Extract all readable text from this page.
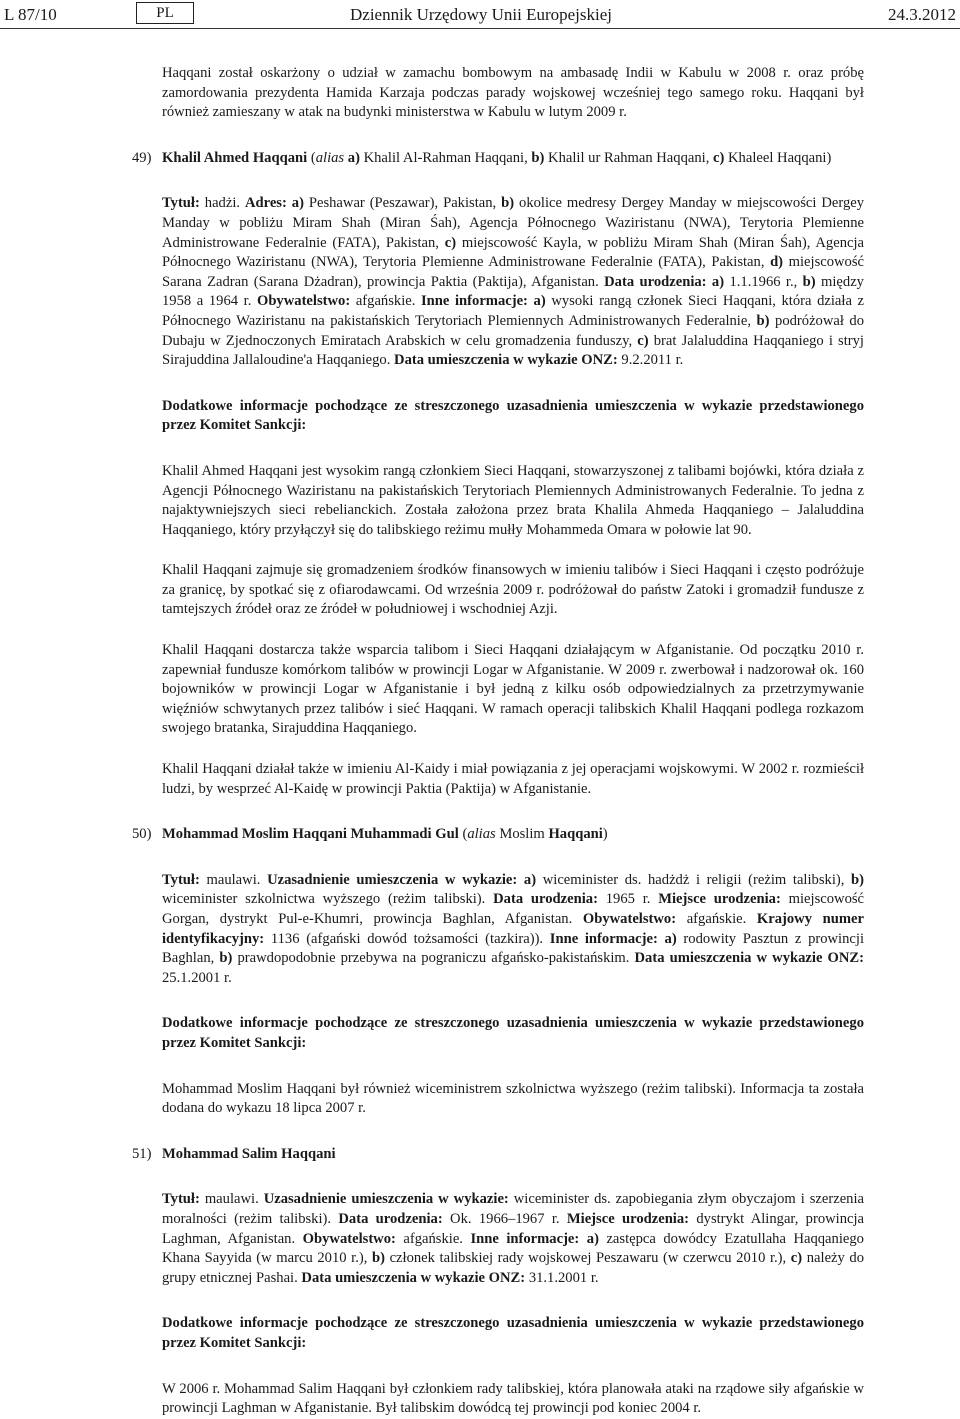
L 87/10	PL	Dziennik Urzędowy Unii Europejskiej	24.3.2012
Haqqani został oskarżony o udział w zamachu bombowym na ambasadę Indii w Kabulu w 2008 r. oraz próbę zamordowania prezydenta Hamida Karzaja podczas parady wojskowej wcześniej tego samego roku. Haqqani był również zamieszany w atak na budynki ministerstwa w Kabulu w lutym 2009 r.
49) Khalil Ahmed Haqqani (alias a) Khalil Al-Rahman Haqqani, b) Khalil ur Rahman Haqqani, c) Khaleel Haqqani)
Tytuł: hadżi. Adres: a) Peshawar (Peszawar), Pakistan, b) okolice medresy Dergey Manday w miejscowości Dergey Manday w pobliżu Miram Shah (Miran Śah), Agencja Północnego Waziristanu (NWA), Terytoria Plemienne Administrowane Federalnie (FATA), Pakistan, c) miejscowość Kayla, w pobliżu Miram Shah (Miran Śah), Agencja Północnego Waziristanu (NWA), Terytoria Plemienne Administrowane Federalnie (FATA), Pakistan, d) miejscowość Sarana Zadran (Sarana Dżadran), prowincja Paktia (Paktija), Afganistan. Data urodzenia: a) 1.1.1966 r., b) między 1958 a 1964 r. Obywatelstwo: afgańskie. Inne informacje: a) wysoki rangą członek Sieci Haqqani, która działa z Północnego Waziristanu na pakistańskich Terytoriach Plemiennych Administrowanych Federalnie, b) podróżował do Dubaju w Zjednoczonych Emiratach Arabskich w celu gromadzenia funduszy, c) brat Jalaluddina Haqqaniego i stryj Sirajuddina Jallaloudine'a Haqqaniego. Data umieszczenia w wykazie ONZ: 9.2.2011 r.
Dodatkowe informacje pochodzące ze streszczonego uzasadnienia umieszczenia w wykazie przedstawionego przez Komitet Sankcji:
Khalil Ahmed Haqqani jest wysokim rangą członkiem Sieci Haqqani, stowarzyszonej z talibami bojówki, która działa z Agencji Północnego Waziristanu na pakistańskich Terytoriach Plemiennych Administrowanych Federalnie. To jedna z najaktywniejszych sieci rebelianckich. Została założona przez brata Khalila Ahmeda Haqqaniego – Jalaluddina Haqqaniego, który przyłączył się do talibskiego reżimu mułły Mohammeda Omara w połowie lat 90.
Khalil Haqqani zajmuje się gromadzeniem środków finansowych w imieniu talibów i Sieci Haqqani i często podróżuje za granicę, by spotkać się z ofiarodawcami. Od września 2009 r. podróżował do państw Zatoki i gromadził fundusze z tamtejszych źródeł oraz ze źródeł w południowej i wschodniej Azji.
Khalil Haqqani dostarcza także wsparcia talibom i Sieci Haqqani działającym w Afganistanie. Od początku 2010 r. zapewniał fundusze komórkom talibów w prowincji Logar w Afganistanie. W 2009 r. zwerbował i nadzorował ok. 160 bojowników w prowincji Logar w Afganistanie i był jedną z kilku osób odpowiedzialnych za przetrzymywanie więźniów schwytanych przez talibów i sieć Haqqani. W ramach operacji talibskich Khalil Haqqani podlega rozkazom swojego bratanka, Sirajuddina Haqqaniego.
Khalil Haqqani działał także w imieniu Al-Kaidy i miał powiązania z jej operacjami wojskowymi. W 2002 r. rozmieścił ludzi, by wesprzeć Al-Kaidę w prowincji Paktia (Paktija) w Afganistanie.
50) Mohammad Moslim Haqqani Muhammadi Gul (alias Moslim Haqqani)
Tytuł: maulawi. Uzasadnienie umieszczenia w wykazie: a) wiceminister ds. hadżdż i religii (reżim talibski), b) wiceminister szkolnictwa wyższego (reżim talibski). Data urodzenia: 1965 r. Miejsce urodzenia: miejscowość Gorgan, dystrykt Pul-e-Khumri, prowincja Baghlan, Afganistan. Obywatelstwo: afgańskie. Krajowy numer identyfikacyjny: 1136 (afgański dowód tożsamości (tazkira)). Inne informacje: a) rodowity Pasztun z prowincji Baghlan, b) prawdopodobnie przebywa na pograniczu afgańsko-pakistańskim. Data umieszczenia w wykazie ONZ: 25.1.2001 r.
Dodatkowe informacje pochodzące ze streszczonego uzasadnienia umieszczenia w wykazie przedstawionego przez Komitet Sankcji:
Mohammad Moslim Haqqani był również wiceministrem szkolnictwa wyższego (reżim talibski). Informacja ta została dodana do wykazu 18 lipca 2007 r.
51) Mohammad Salim Haqqani
Tytuł: maulawi. Uzasadnienie umieszczenia w wykazie: wiceminister ds. zapobiegania złym obyczajom i szerzenia moralności (reżim talibski). Data urodzenia: Ok. 1966–1967 r. Miejsce urodzenia: dystrykt Alingar, prowincja Laghman, Afganistan. Obywatelstwo: afgańskie. Inne informacje: a) zastępca dowódcy Ezatullaha Haqqaniego Khana Sayyida (w marcu 2010 r.), b) członek talibskiej rady wojskowej Peszawaru (w czerwcu 2010 r.), c) należy do grupy etnicznej Pashai. Data umieszczenia w wykazie ONZ: 31.1.2001 r.
Dodatkowe informacje pochodzące ze streszczonego uzasadnienia umieszczenia w wykazie przedstawionego przez Komitet Sankcji:
W 2006 r. Mohammad Salim Haqqani był członkiem rady talibskiej, która planowała ataki na rządowe siły afgańskie w prowincji Laghman w Afganistanie. Był talibskim dowódcą tej prowincji pod koniec 2004 r.
